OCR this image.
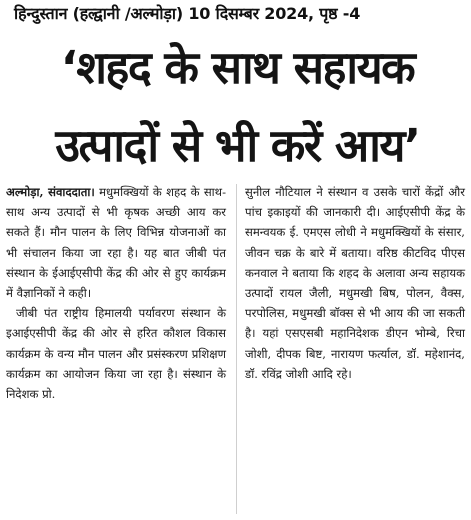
हिन्दुस्तान (हल्द्वानी /अल्मोड़ा) 10 दिसम्बर 2024, पृष्ठ -4
‘शहद के साथ सहायक
उत्पादों से भी करें आय’

अल्मोड़ा, संवाददाता। मधुमक्खियों के शहद के साथ-साथ अन्य उत्पादों से भी कृषक अच्छी आय कर सकते हैं। मौन पालन के लिए विभिन्न योजनाओं का भी संचालन किया जा रहा है। यह बात जीबी पंत संस्थान के ईआईएसीपी केंद्र की ओर से हुए कार्यक्रम में वैज्ञानिकों ने कही।

जीबी पंत राष्ट्रीय हिमालयी पर्यावरण संस्थान के इआईएसीपी केंद्र की ओर से हरित कौशल विकास कार्यक्रम के वन्य मौन पालन और प्रसंस्करण प्रशिक्षण कार्यक्रम का आयोजन किया जा रहा है। संस्थान के निदेशक प्रो.

सुनील नौटियाल ने संस्थान व उसके चारों केंद्रों और पांच इकाइयों की जानकारी दी। आईएसीपी केंद्र के समन्वयक ई. एमएस लोधी ने मधुमक्खियों के संसार, जीवन चक्र के बारे में बताया। वरिष्ठ कीटविद पीएस कनवाल ने बताया कि शहद के अलावा अन्य सहायक उत्पादों रायल जैली, मधुमखी बिष, पोलन, वैक्स, परपोलिस, मधुमखी बॉक्स से भी आय की जा सकती है। यहां एसएसबी महानिदेशक डीएन भोम्बे, रिचा जोशी, दीपक बिष्ट, नारायण फर्त्याल, डॉ. महेशानंद, डॉ. रविंद्र जोशी आदि रहे।
